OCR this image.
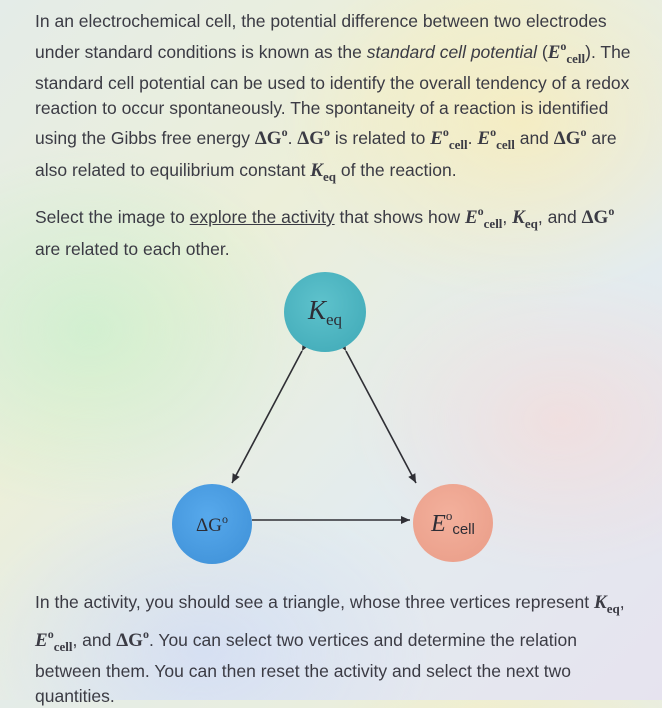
In an electrochemical cell, the potential difference between two electrodes under standard conditions is known as the standard cell potential $(E^o_{cell})$. The standard cell potential can be used to identify the overall tendency of a redox reaction to occur spontaneously. The spontaneity of a reaction is identified using the Gibbs free energy $\Delta G^o$. $\Delta G^o$ is related to $E^o_{cell}$. $E^o_{cell}$ and $\Delta G^o$ are also related to equilibrium constant $K_{eq}$ of the reaction.

Select the image to explore the activity that shows how $E^o_{cell}$, $K_{eq}$, and $\Delta G^o$ are related to each other.

$K_{eq}$
$\Delta G^o$	$E^ocell$

In the activity, you should see a triangle, whose three vertices represent $K_{eq}$, $E^o_{cell}$, and $\Delta G^o$. You can select two vertices and determine the relation between them. You can then reset the activity and select the next two quantities.
